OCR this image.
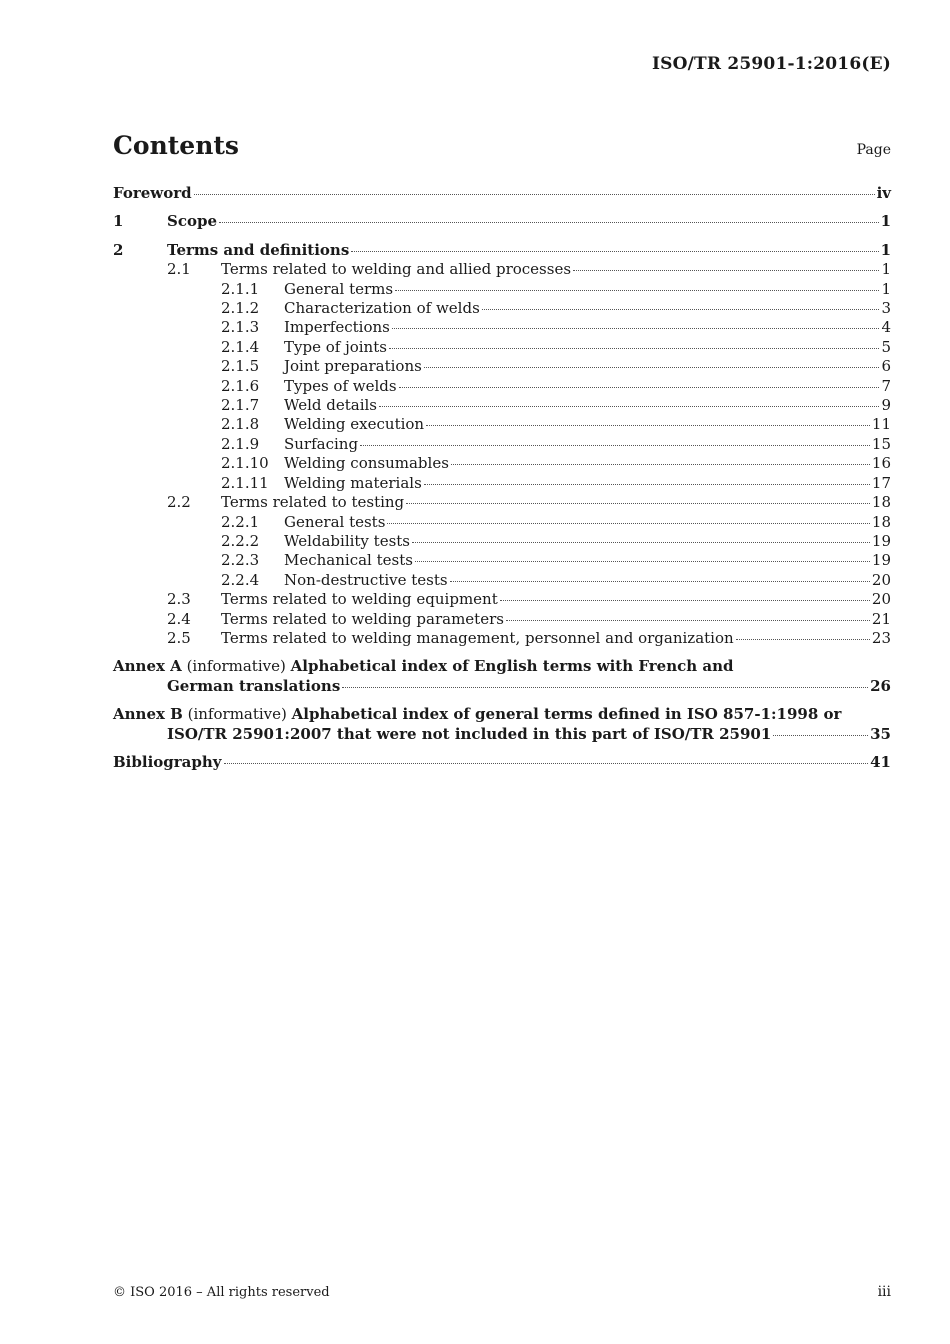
ISO/TR 25901-1:2016(E)
Contents	Page
Foreword	iv
1	Scope	1
2	Terms and definitions	1
2.1	Terms related to welding and allied processes	1
2.1.1	General terms	1
2.1.2	Characterization of welds	3
2.1.3	Imperfections	4
2.1.4	Type of joints	5
2.1.5	Joint preparations	6
2.1.6	Types of welds	7
2.1.7	Weld details	9
2.1.8	Welding execution	11
2.1.9	Surfacing	15
2.1.10	Welding consumables	16
2.1.11	Welding materials	17
2.2	Terms related to testing	18
2.2.1	General tests	18
2.2.2	Weldability tests	19
2.2.3	Mechanical tests	19
2.2.4	Non-destructive tests	20
2.3	Terms related to welding equipment	20
2.4	Terms related to welding parameters	21
2.5	Terms related to welding management, personnel and organization	23
Annex A (informative) Alphabetical index of English terms with French and
German translations	26
Annex B (informative) Alphabetical index of general terms defined in ISO 857-1:1998 or
ISO/TR 25901:2007 that were not included in this part of ISO/TR 25901	35
Bibliography	41
© ISO 2016 – All rights reserved	iii
